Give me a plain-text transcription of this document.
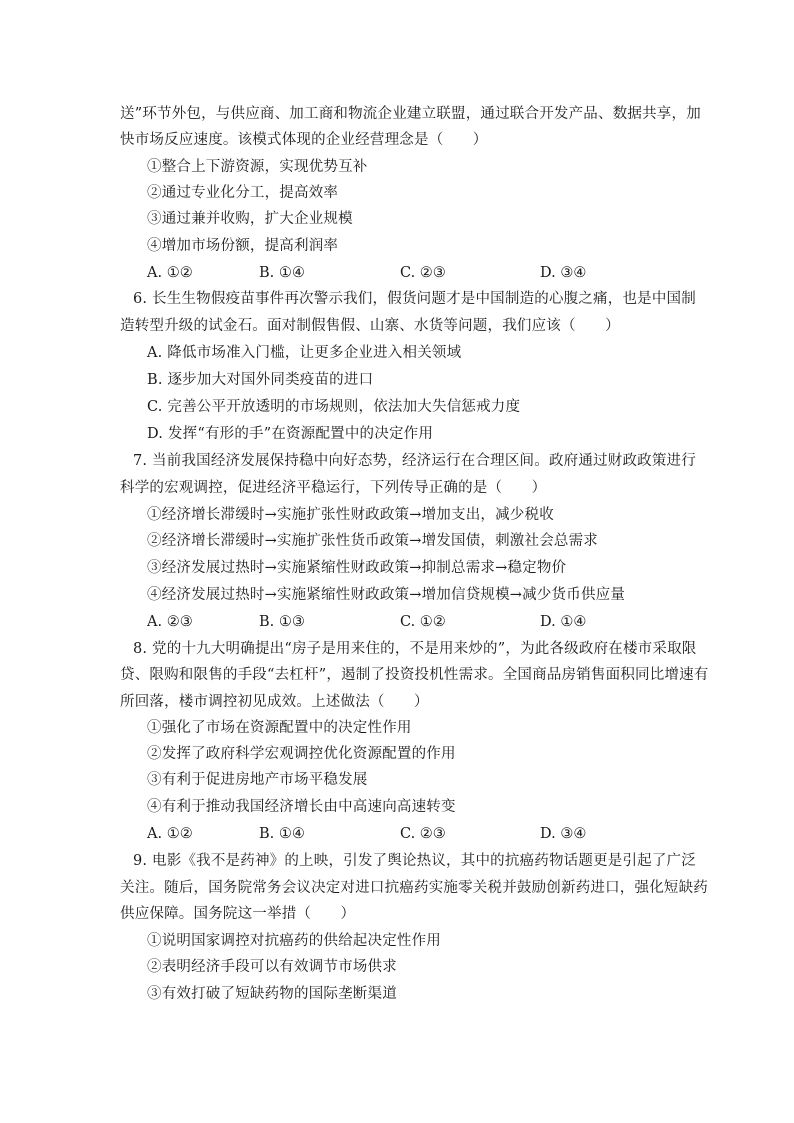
送”环节外包，与供应商、加工商和物流企业建立联盟，通过联合开发产品、数据共享，加
快市场反应速度。该模式体现的企业经营理念是（　　）
①整合上下游资源，实现优势互补
②通过专业化分工，提高效率
③通过兼并收购，扩大企业规模
④增加市场份额，提高利润率
A. ①②	B. ①④	C. ②③	D. ③④
6. 长生生物假疫苗事件再次警示我们，假货问题才是中国制造的心腹之痛，也是中国制
造转型升级的试金石。面对制假售假、山寨、水货等问题，我们应该（　　）
A. 降低市场准入门槛，让更多企业进入相关领域
B. 逐步加大对国外同类疫苗的进口
C. 完善公平开放透明的市场规则，依法加大失信惩戒力度
D. 发挥“有形的手”在资源配置中的决定作用
7. 当前我国经济发展保持稳中向好态势，经济运行在合理区间。政府通过财政政策进行
科学的宏观调控，促进经济平稳运行，下列传导正确的是（　　）
①经济增长滞缓时→实施扩张性财政政策→增加支出，减少税收
②经济增长滞缓时→实施扩张性货币政策→增发国债，刺激社会总需求
③经济发展过热时→实施紧缩性财政政策→抑制总需求→稳定物价
④经济发展过热时→实施紧缩性财政政策→增加信贷规模→减少货币供应量
A. ②③	B. ①③	C. ①②	D. ①④
8. 党的十九大明确提出“房子是用来住的，不是用来炒的”，为此各级政府在楼市采取限
贷、限购和限售的手段“去杠杆”，遏制了投资投机性需求。全国商品房销售面积同比增速有
所回落，楼市调控初见成效。上述做法（　　）
①强化了市场在资源配置中的决定性作用
②发挥了政府科学宏观调控优化资源配置的作用
③有利于促进房地产市场平稳发展
④有利于推动我国经济增长由中高速向高速转变
A. ①②	B. ①④	C. ②③	D. ③④
9. 电影《我不是药神》的上映，引发了舆论热议，其中的抗癌药物话题更是引起了广泛
关注。随后，国务院常务会议决定对进口抗癌药实施零关税并鼓励创新药进口，强化短缺药
供应保障。国务院这一举措（　　）
①说明国家调控对抗癌药的供给起决定性作用
②表明经济手段可以有效调节市场供求
③有效打破了短缺药物的国际垄断渠道
